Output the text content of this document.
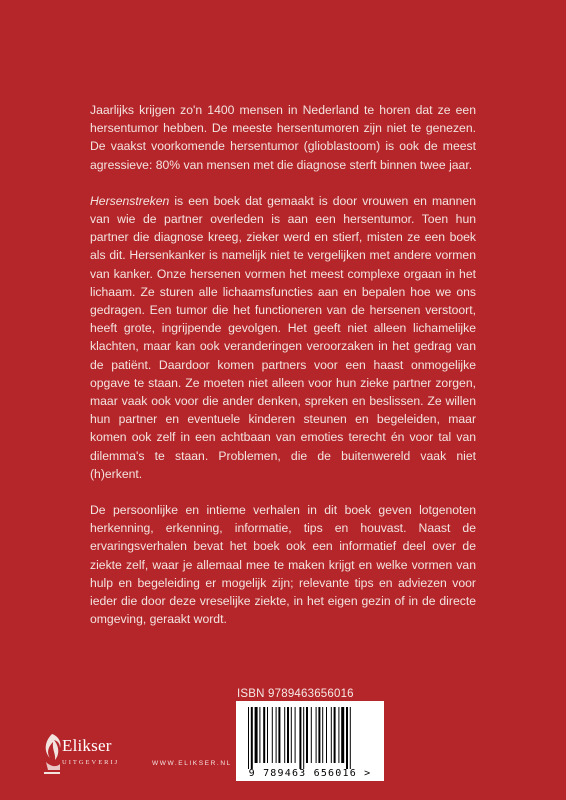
Jaarlijks krijgen zo'n 1400 mensen in Nederland te horen dat ze een hersentumor hebben. De meeste hersentumoren zijn niet te genezen. De vaakst voorkomende hersentumor (glioblastoom) is ook de meest agressieve: 80% van mensen met die diagnose sterft binnen twee jaar.

Hersenstreken is een boek dat gemaakt is door vrouwen en mannen van wie de partner overleden is aan een hersentumor. Toen hun partner die diagnose kreeg, zieker werd en stierf, misten ze een boek als dit. Hersenkanker is namelijk niet te vergelijken met andere vormen van kanker. Onze hersenen vormen het meest complexe orgaan in het lichaam. Ze sturen alle lichaamsfuncties aan en bepalen hoe we ons gedragen. Een tumor die het functioneren van de hersenen verstoort, heeft grote, ingrijpende gevolgen. Het geeft niet alleen lichamelijke klachten, maar kan ook veranderingen veroorzaken in het gedrag van de patiënt. Daardoor komen partners voor een haast onmogelijke opgave te staan. Ze moeten niet alleen voor hun zieke partner zorgen, maar vaak ook voor die ander denken, spreken en beslissen. Ze willen hun partner en eventuele kinderen steunen en begeleiden, maar komen ook zelf in een achtbaan van emoties terecht én voor tal van dilemma's te staan. Problemen, die de buitenwereld vaak niet (h)erkent.

De persoonlijke en intieme verhalen in dit boek geven lotgenoten herkenning, erkenning, informatie, tips en houvast. Naast de ervaringsverhalen bevat het boek ook een informatief deel over de ziekte zelf, waar je allemaal mee te maken krijgt en welke vormen van hulp en begeleiding er mogelijk zijn; relevante tips en adviezen voor ieder die door deze vreselijke ziekte, in het eigen gezin of in de directe omgeving, geraakt wordt.

Elikser
UITGEVERIJ	WWW.ELIKSER.NL
ISBN 9789463656016
9 789463 656016 >
